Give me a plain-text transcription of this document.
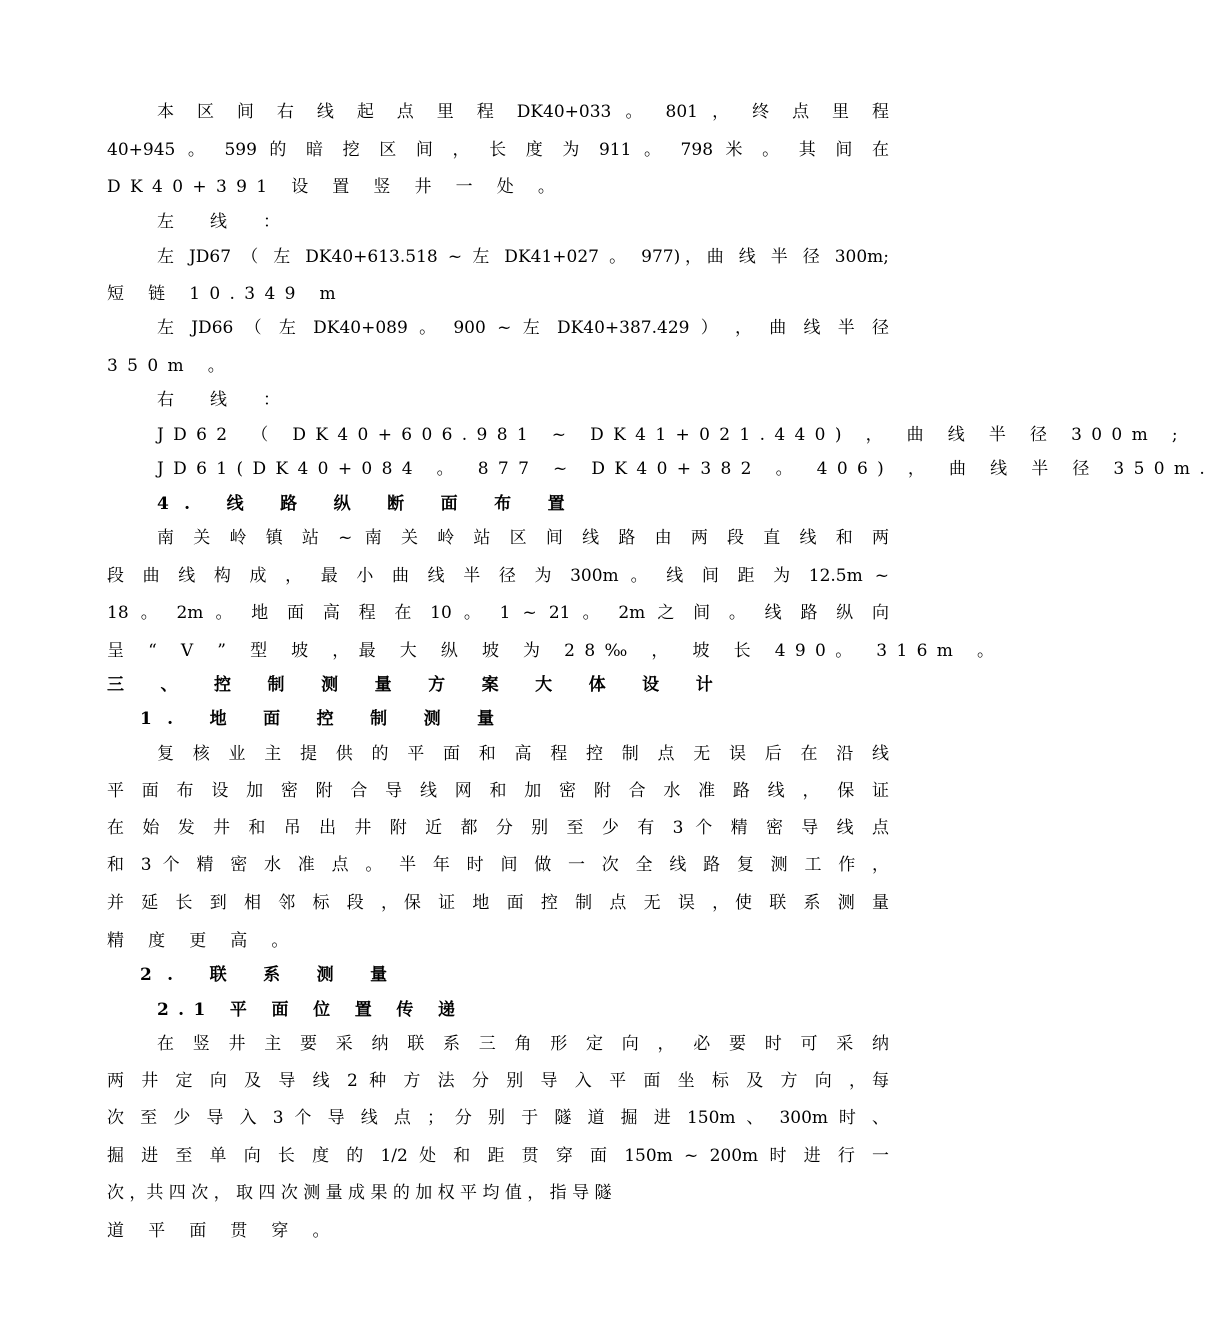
本 区 间 右 线 起 点 里 程 DK40+033 。 801 ， 终 点 里 程
40+945 。 599 的 暗 挖 区 间 ， 长 度 为 911 。 798 米 。 其 间 在
DK40+391 设 置 竖 井 一 处 。
左 线 ：
左 JD67 （ 左 DK40+613.518 ~ 左 DK41+027 。 977)，曲 线 半 径 300m;
短 链 10.349 m
左 JD66 （ 左 DK40+089 。 900 ~ 左 DK40+387.429 ） ， 曲 线 半 径
350m 。
右 线 ：
JD62 （ DK40+606.981 ~ DK41+021.440) ， 曲 线 半 径 300m ;
JD61(DK40+084 。 877 ~ DK40+382 。 406) ， 曲 线 半 径 350m.
4. 线 路 纵 断 面 布 置
南 关 岭 镇 站 ~ 南 关 岭 站 区 间 线 路 由 两 段 直 线 和 两
段 曲 线 构 成 ， 最 小 曲 线 半 径 为 300m 。 线 间 距 为 12.5m ~
18 。 2m 。 地 面 高 程 在 10 。 1 ~ 21 。 2m 之 间 。 线 路 纵 向
呈 “ V ” 型 坡 ，最 大 纵 坡 为 28‰ ， 坡 长 490。 316m 。
三 、 控 制 测 量 方 案 大 体 设 计
1. 地 面 控 制 测 量
复 核 业 主 提 供 的 平 面 和 高 程 控 制 点 无 误 后 在 沿 线
平 面 布 设 加 密 附 合 导 线 网 和 加 密 附 合 水 准 路 线 ， 保 证
在 始 发 井 和 吊 出 井 附 近 都 分 别 至 少 有 3 个 精 密 导 线 点
和 3 个 精 密 水 准 点 。 半 年 时 间 做 一 次 全 线 路 复 测 工 作 ，
并 延 长 到 相 邻 标 段 ，保 证 地 面 控 制 点 无 误 ，使 联 系 测 量
精 度 更 高 。
2. 联 系 测 量
2.1 平 面 位 置 传 递
在 竖 井 主 要 采 纳 联 系 三 角 形 定 向 ， 必 要 时 可 采 纳
两 井 定 向 及 导 线 2 种 方 法 分 别 导 入 平 面 坐 标 及 方 向 ，每
次 至 少 导 入 3 个 导 线 点 ； 分 别 于 隧 道 掘 进 150m 、 300m 时 、
掘 进 至 单 向 长 度 的 1/2 处 和 距 贯 穿 面 150m ~ 200m 时 进 行 一
次 ，共 四 次 ， 取 四 次 测 量 成 果 的 加 权 平 均 值 ， 指 导 隧
道 平 面 贯 穿 。
